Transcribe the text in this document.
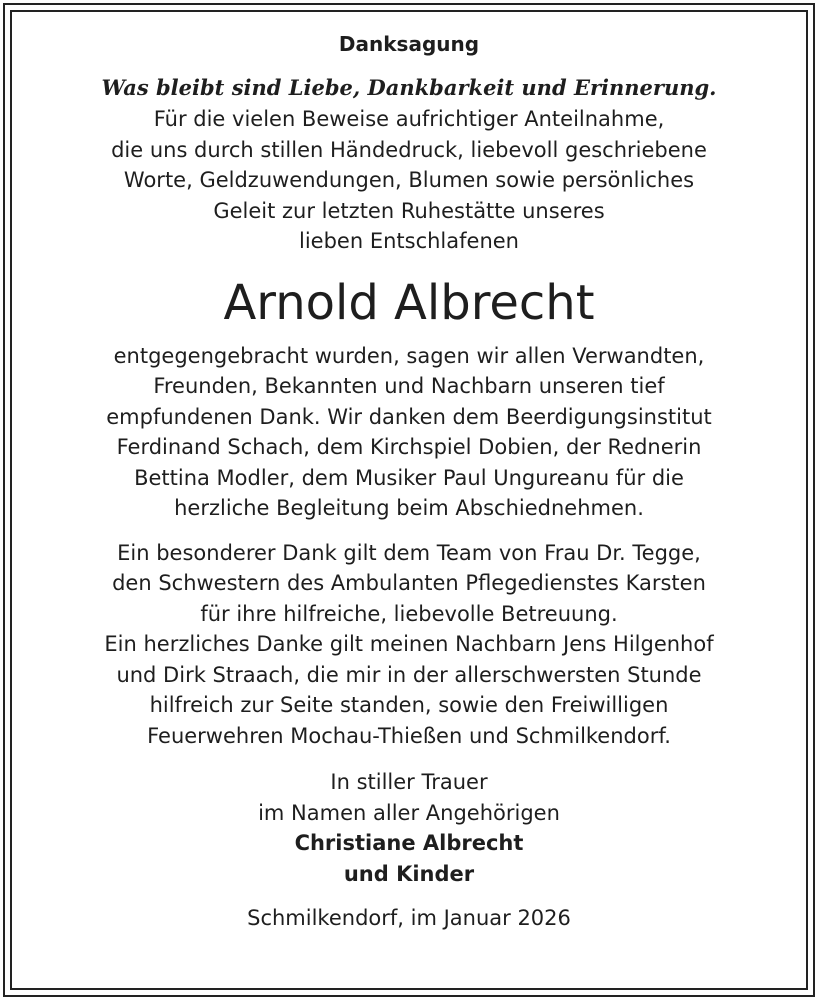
Danksagung

Was bleibt sind Liebe, Dankbarkeit und Erinnerung.

Für die vielen Beweise aufrichtiger Anteilnahme,
die uns durch stillen Händedruck, liebevoll geschriebene
Worte, Geldzuwendungen, Blumen sowie persönliches
Geleit zur letzten Ruhestätte unseres
lieben Entschlafenen

Arnold Albrecht

entgegengebracht wurden, sagen wir allen Verwandten,
Freunden, Bekannten und Nachbarn unseren tief
empfundenen Dank. Wir danken dem Beerdigungsinstitut
Ferdinand Schach, dem Kirchspiel Dobien, der Rednerin
Bettina Modler, dem Musiker Paul Ungureanu für die
herzliche Begleitung beim Abschiednehmen.

Ein besonderer Dank gilt dem Team von Frau Dr. Tegge,
den Schwestern des Ambulanten Pflegedienstes Karsten
für ihre hilfreiche, liebevolle Betreuung.
Ein herzliches Danke gilt meinen Nachbarn Jens Hilgenhof
und Dirk Straach, die mir in der allerschwersten Stunde
hilfreich zur Seite standen, sowie den Freiwilligen
Feuerwehren Mochau-Thießen und Schmilkendorf.

In stiller Trauer
im Namen aller Angehörigen
Christiane Albrecht
und Kinder

Schmilkendorf, im Januar 2026
